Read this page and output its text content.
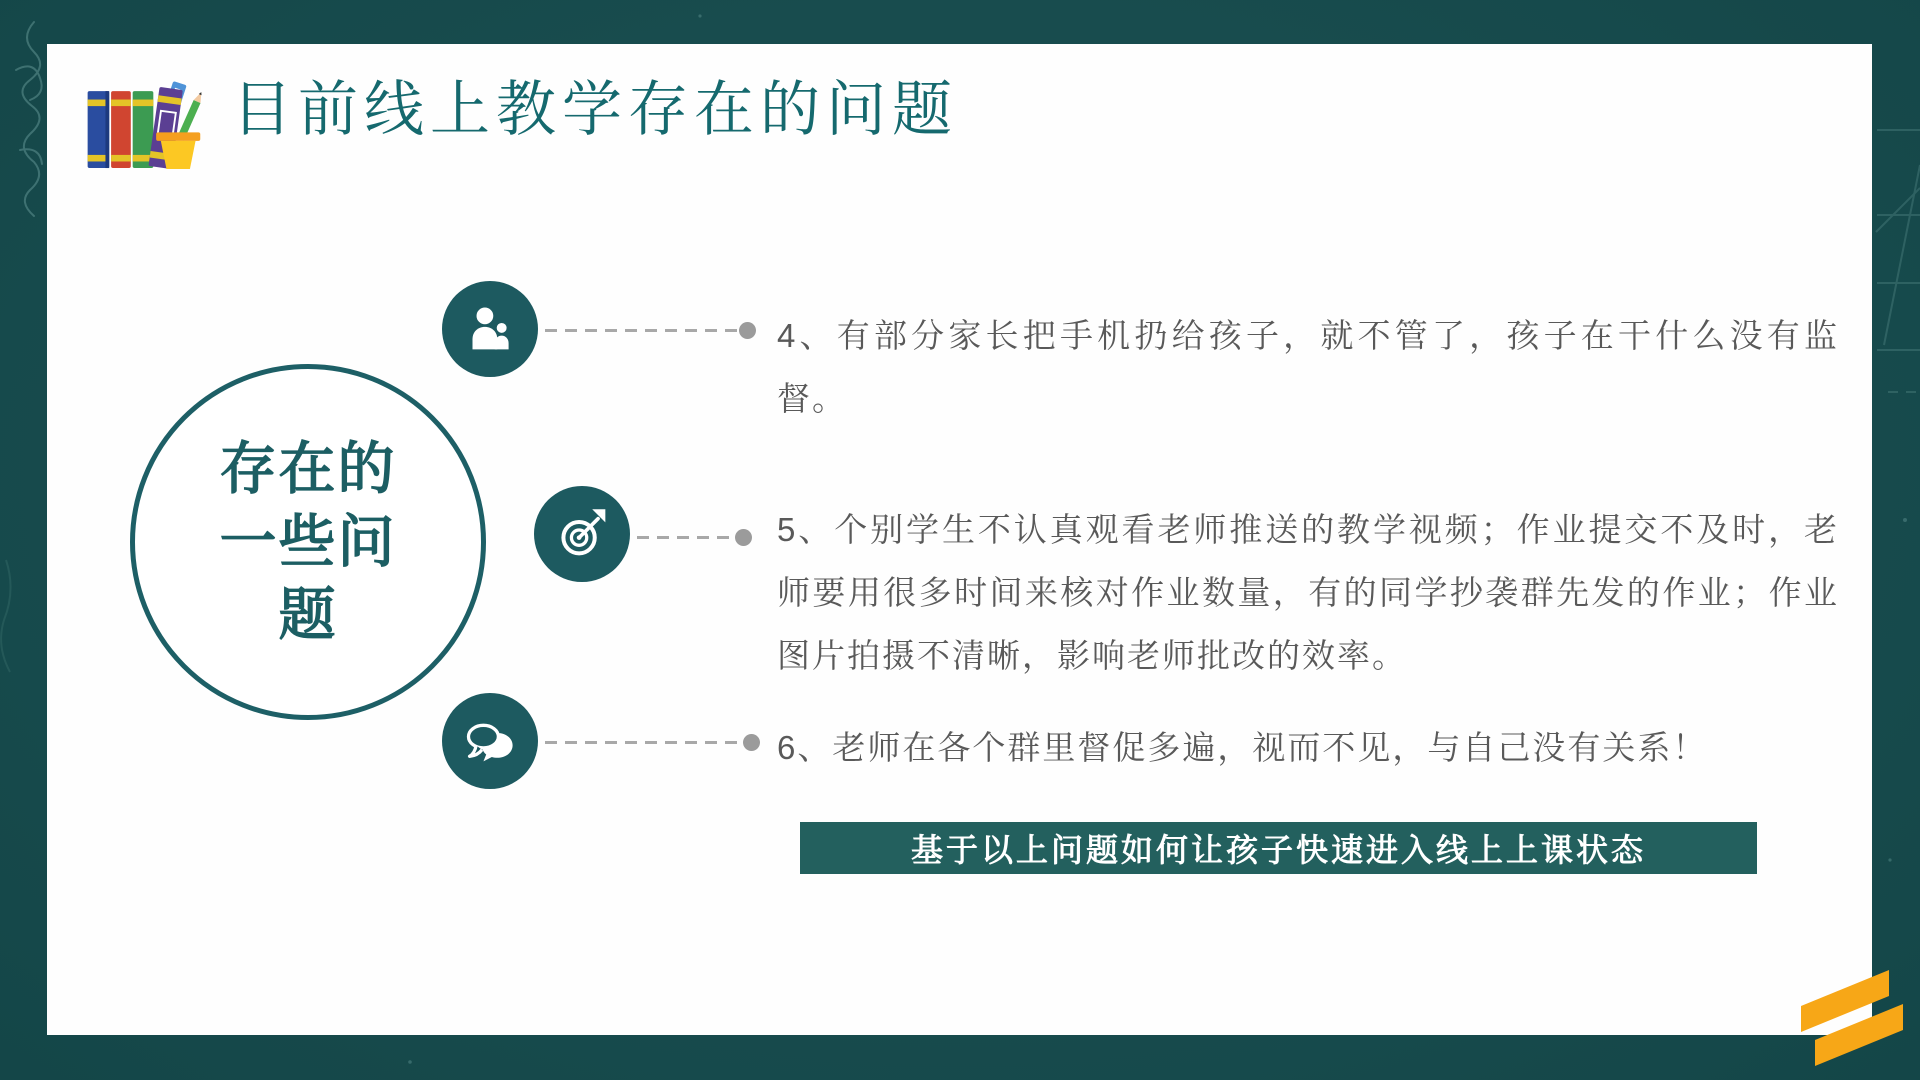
目前线上教学存在的问题
存在的一些问题
4、有部分家长把手机扔给孩子，就不管了，孩子在干什么没有监督。
5、个别学生不认真观看老师推送的教学视频；作业提交不及时，老师要用很多时间来核对作业数量，有的同学抄袭群先发的作业；作业图片拍摄不清晰，影响老师批改的效率。
6、老师在各个群里督促多遍，视而不见，与自己没有关系！
基于以上问题如何让孩子快速进入线上上课状态
